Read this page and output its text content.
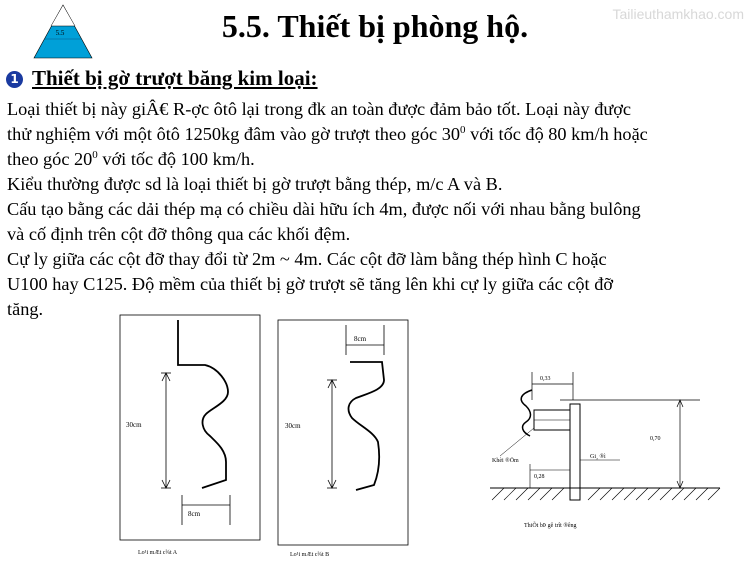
5.5	5.5. Thiết bị phòng hộ.	Tailieuthamkhao.com
1 Thiết bị gờ trượt băng kim loại:

Loại thiết bị này giÂ€ R-ợc ôtô lại trong đk an toàn được đảm bảo tốt. Loại này được

thử nghiệm với một ôtô 1250kg đâm vào gờ trượt theo góc $30^0$ với tốc độ 80 km/h hoặc

theo góc $20^0$ với tốc độ 100 km/h.

Kiểu thường được sd là loại thiết bị gờ trượt bằng thép, m/c A và B.

Cấu tạo bằng các dải thép mạ có chiều dài hữu ích 4m, được nối với nhau bằng bulông

và cố định trên cột đỡ thông qua các khối đệm.

Cự ly giữa các cột đỡ thay đổi từ 2m ~ 4m. Các cột đỡ làm bằng thép hình C hoặc

U100 hay C125. Độ mềm của thiết bị gờ trượt sẽ tăng lên khi cự ly giữa các cột đỡ

tăng.

30cm
8cm
Lo¹i mÆt c¾t A
8cm
30cm
Lo¹i mÆt c¾t B
0,33
0,70
Khèi ®Öm
Gi¸ ®ì
0,28
ThiÕt bÞ gê trît ®êng
